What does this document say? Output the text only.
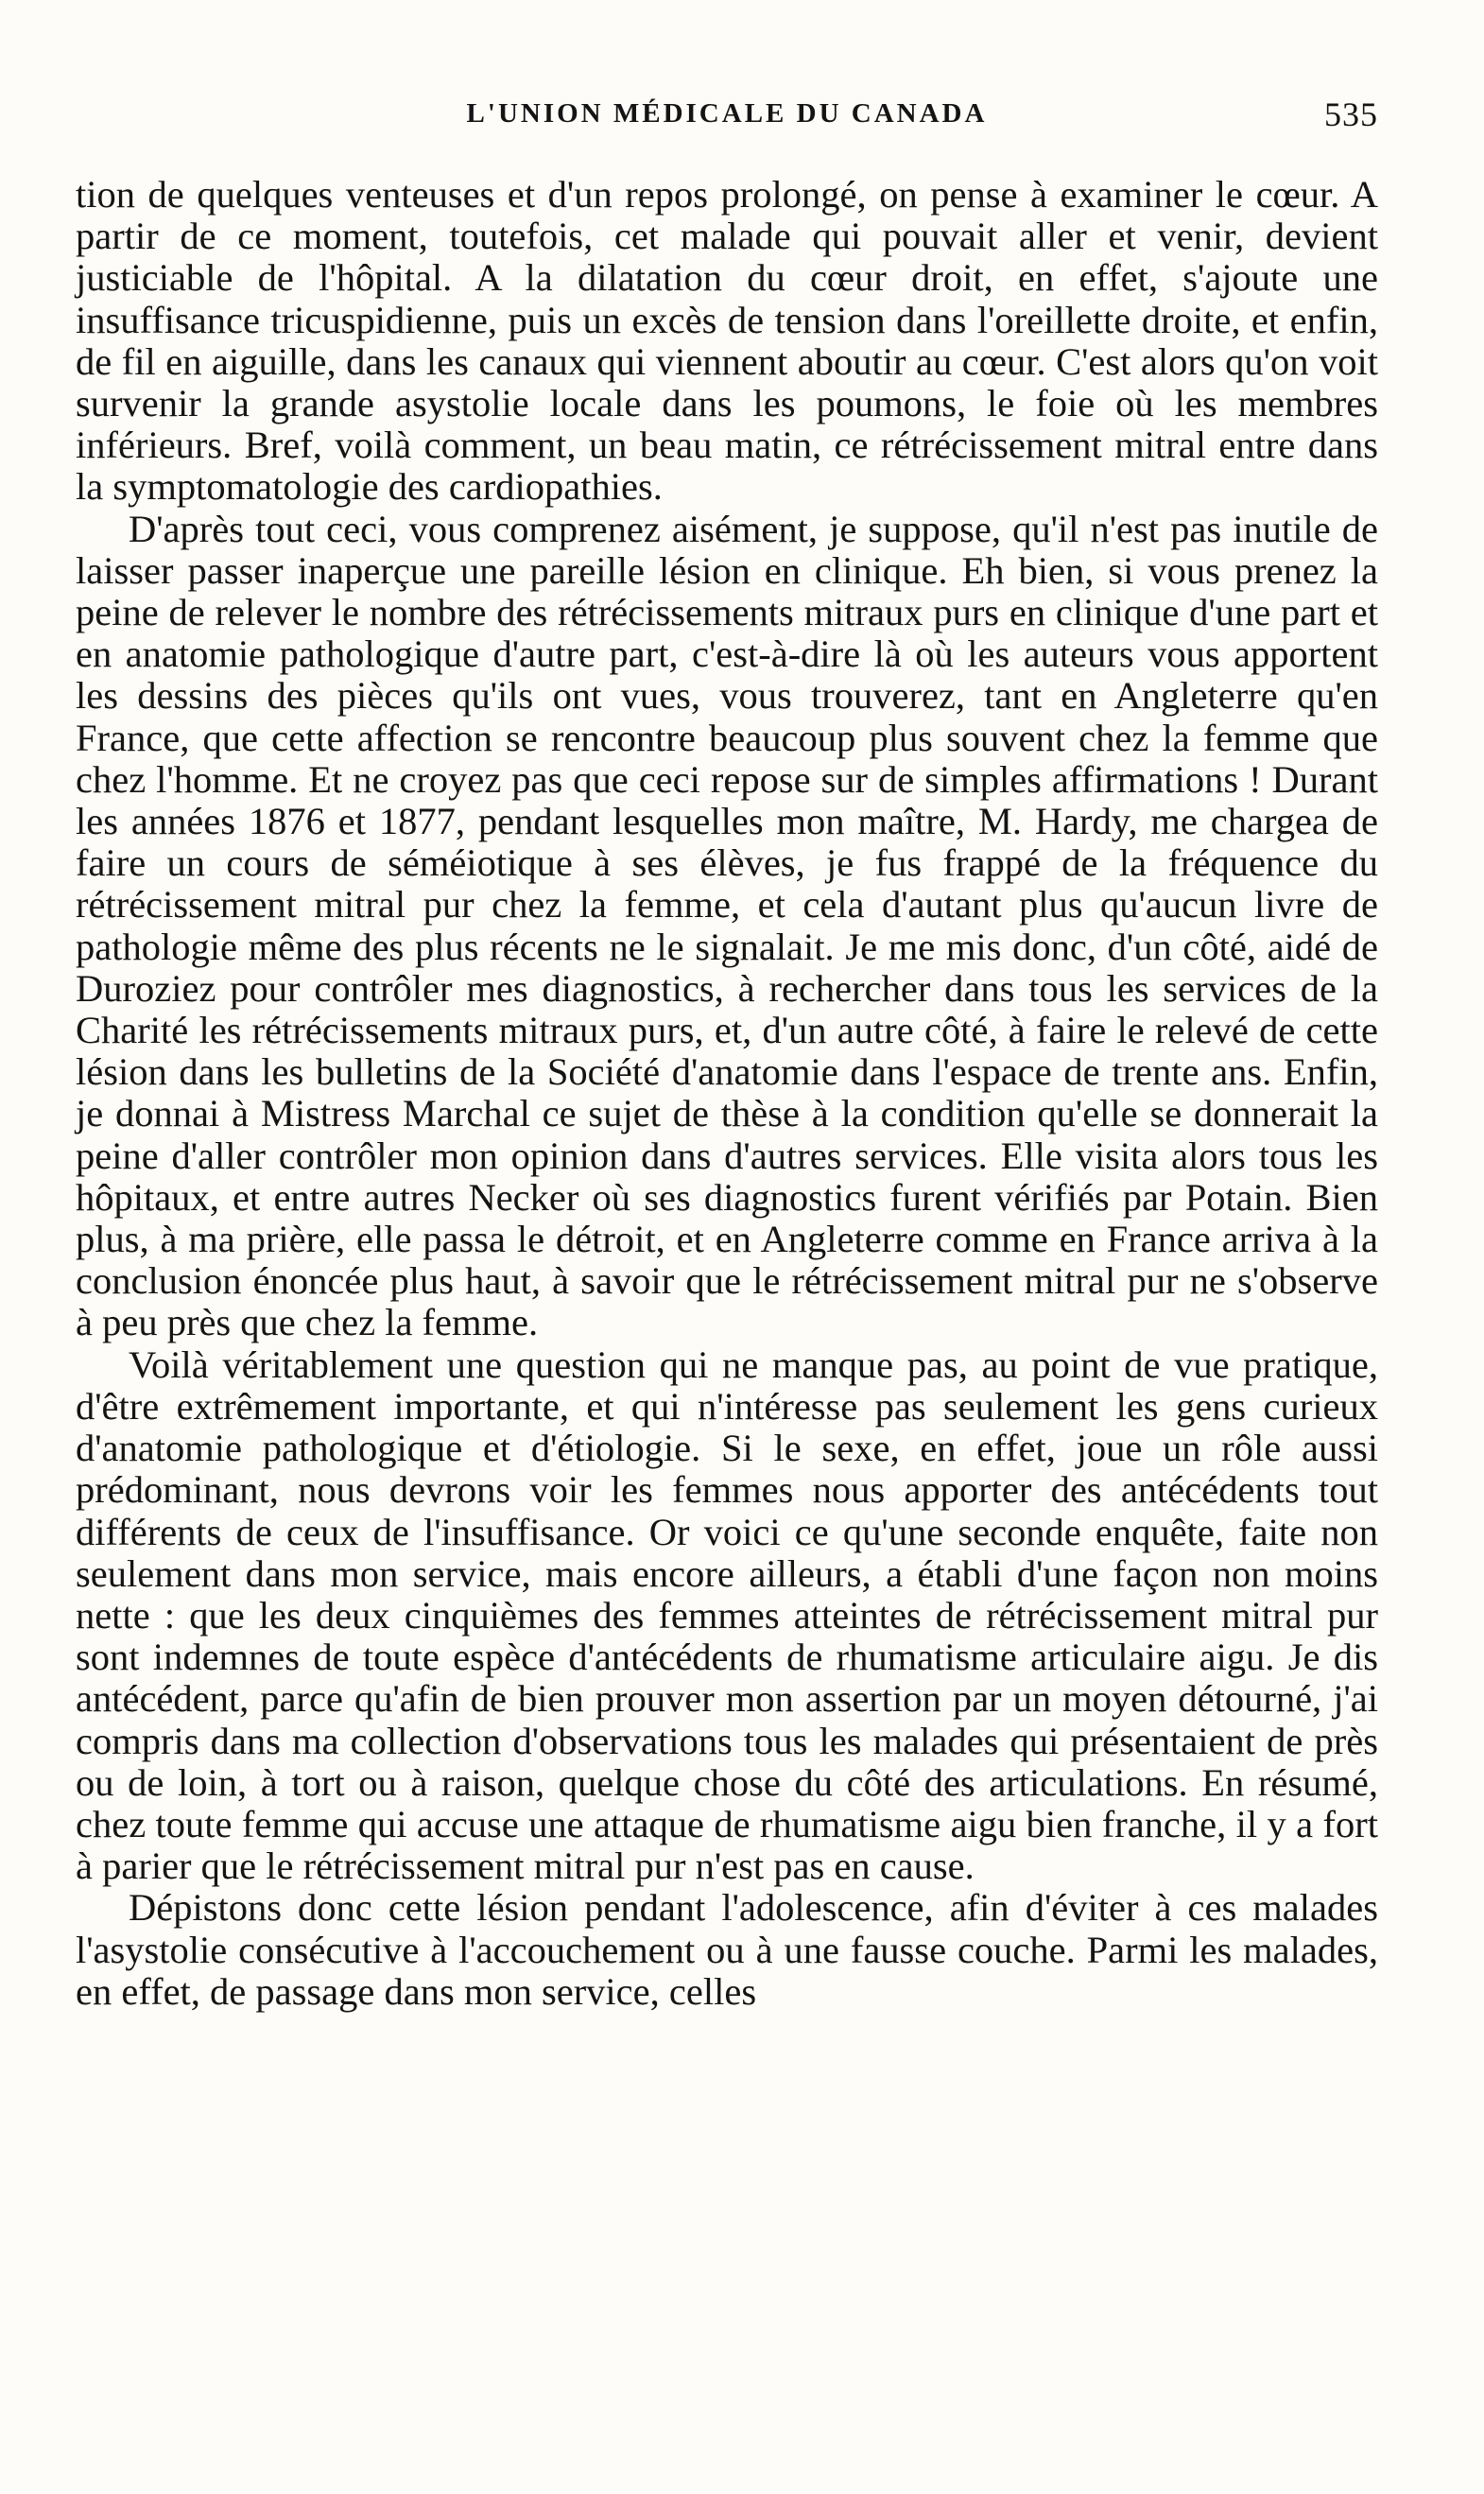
L'UNION MÉDICALE DU CANADA	535

tion de quelques venteuses et d'un repos prolongé, on pense à examiner le cœur. A partir de ce moment, toutefois, cet malade qui pouvait aller et venir, devient justiciable de l'hôpital. A la dilatation du cœur droit, en effet, s'ajoute une insuffisance tricuspidienne, puis un excès de tension dans l'oreillette droite, et enfin, de fil en aiguille, dans les canaux qui viennent aboutir au cœur. C'est alors qu'on voit survenir la grande asystolie locale dans les poumons, le foie où les membres inférieurs. Bref, voilà comment, un beau matin, ce rétrécissement mitral entre dans la symptomatologie des cardiopathies.

D'après tout ceci, vous comprenez aisément, je suppose, qu'il n'est pas inutile de laisser passer inaperçue une pareille lésion en clinique. Eh bien, si vous prenez la peine de relever le nombre des rétrécissements mitraux purs en clinique d'une part et en anatomie pathologique d'autre part, c'est-à-dire là où les auteurs vous apportent les dessins des pièces qu'ils ont vues, vous trouverez, tant en Angleterre qu'en France, que cette affection se rencontre beaucoup plus souvent chez la femme que chez l'homme. Et ne croyez pas que ceci repose sur de simples affirmations ! Durant les années 1876 et 1877, pendant lesquelles mon maître, M. Hardy, me chargea de faire un cours de séméiotique à ses élèves, je fus frappé de la fréquence du rétrécissement mitral pur chez la femme, et cela d'autant plus qu'aucun livre de pathologie même des plus récents ne le signalait. Je me mis donc, d'un côté, aidé de Duroziez pour contrôler mes diagnostics, à rechercher dans tous les services de la Charité les rétrécissements mitraux purs, et, d'un autre côté, à faire le relevé de cette lésion dans les bulletins de la Société d'anatomie dans l'espace de trente ans. Enfin, je donnai à Mistress Marchal ce sujet de thèse à la condition qu'elle se donnerait la peine d'aller contrôler mon opinion dans d'autres services. Elle visita alors tous les hôpitaux, et entre autres Necker où ses diagnostics furent vérifiés par Potain. Bien plus, à ma prière, elle passa le détroit, et en Angleterre comme en France arriva à la conclusion énoncée plus haut, à savoir que le rétrécissement mitral pur ne s'observe à peu près que chez la femme.

Voilà véritablement une question qui ne manque pas, au point de vue pratique, d'être extrêmement importante, et qui n'intéresse pas seulement les gens curieux d'anatomie pathologique et d'étiologie. Si le sexe, en effet, joue un rôle aussi prédominant, nous devrons voir les femmes nous apporter des antécédents tout différents de ceux de l'insuffisance. Or voici ce qu'une seconde enquête, faite non seulement dans mon service, mais encore ailleurs, a établi d'une façon non moins nette : que les deux cinquièmes des femmes atteintes de rétrécissement mitral pur sont indemnes de toute espèce d'antécédents de rhumatisme articulaire aigu. Je dis antécédent, parce qu'afin de bien prouver mon assertion par un moyen détourné, j'ai compris dans ma collection d'observations tous les malades qui présentaient de près ou de loin, à tort ou à raison, quelque chose du côté des articulations. En résumé, chez toute femme qui accuse une attaque de rhumatisme aigu bien franche, il y a fort à parier que le rétrécissement mitral pur n'est pas en cause.

Dépistons donc cette lésion pendant l'adolescence, afin d'éviter à ces malades l'asystolie consécutive à l'accouchement ou à une fausse couche. Parmi les malades, en effet, de passage dans mon service, celles
